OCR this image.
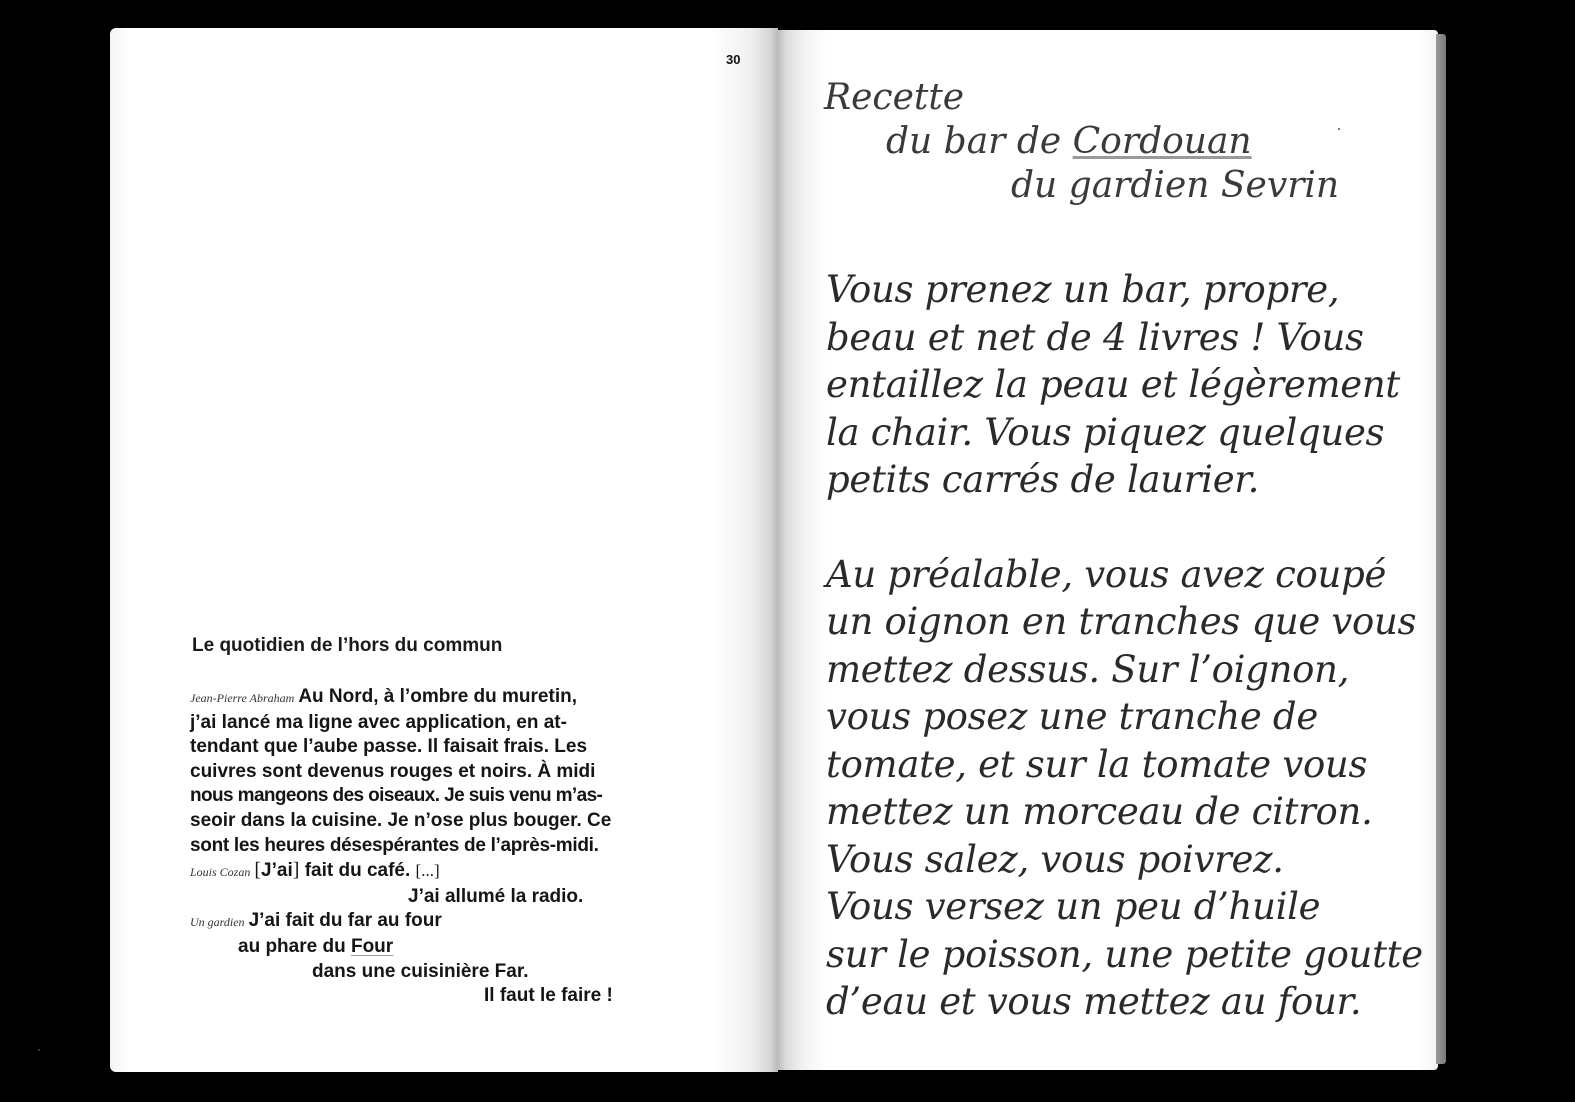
30
Le quotidien de l’hors du commun
Jean-Pierre Abraham Au Nord, à l’ombre du muretin,
j’ai lancé ma ligne avec application, en at-
tendant que l’aube passe. Il faisait frais. Les
cuivres sont devenus rouges et noirs. À midi
nous mangeons des oiseaux. Je suis venu m’as-
seoir dans la cuisine. Je n’ose plus bouger. Ce
sont les heures désespérantes de l’après-midi.
Louis Cozan [J’ai] fait du café. [...]
J’ai allumé la radio.
Un gardien J’ai fait du far au four
au phare du Four
dans une cuisinière Far.
Il faut le faire !
Recette
du bar de Cordouan
du gardien Sevrin
Vous prenez un bar, propre,
beau et net de 4 livres ! Vous
entaillez la peau et légèrement
la chair. Vous piquez quelques
petits carrés de laurier.
Au préalable, vous avez coupé
un oignon en tranches que vous
mettez dessus. Sur l’oignon,
vous posez une tranche de
tomate, et sur la tomate vous
mettez un morceau de citron.
Vous salez, vous poivrez.
Vous versez un peu d’huile
sur le poisson, une petite goutte
d’eau et vous mettez au four.
